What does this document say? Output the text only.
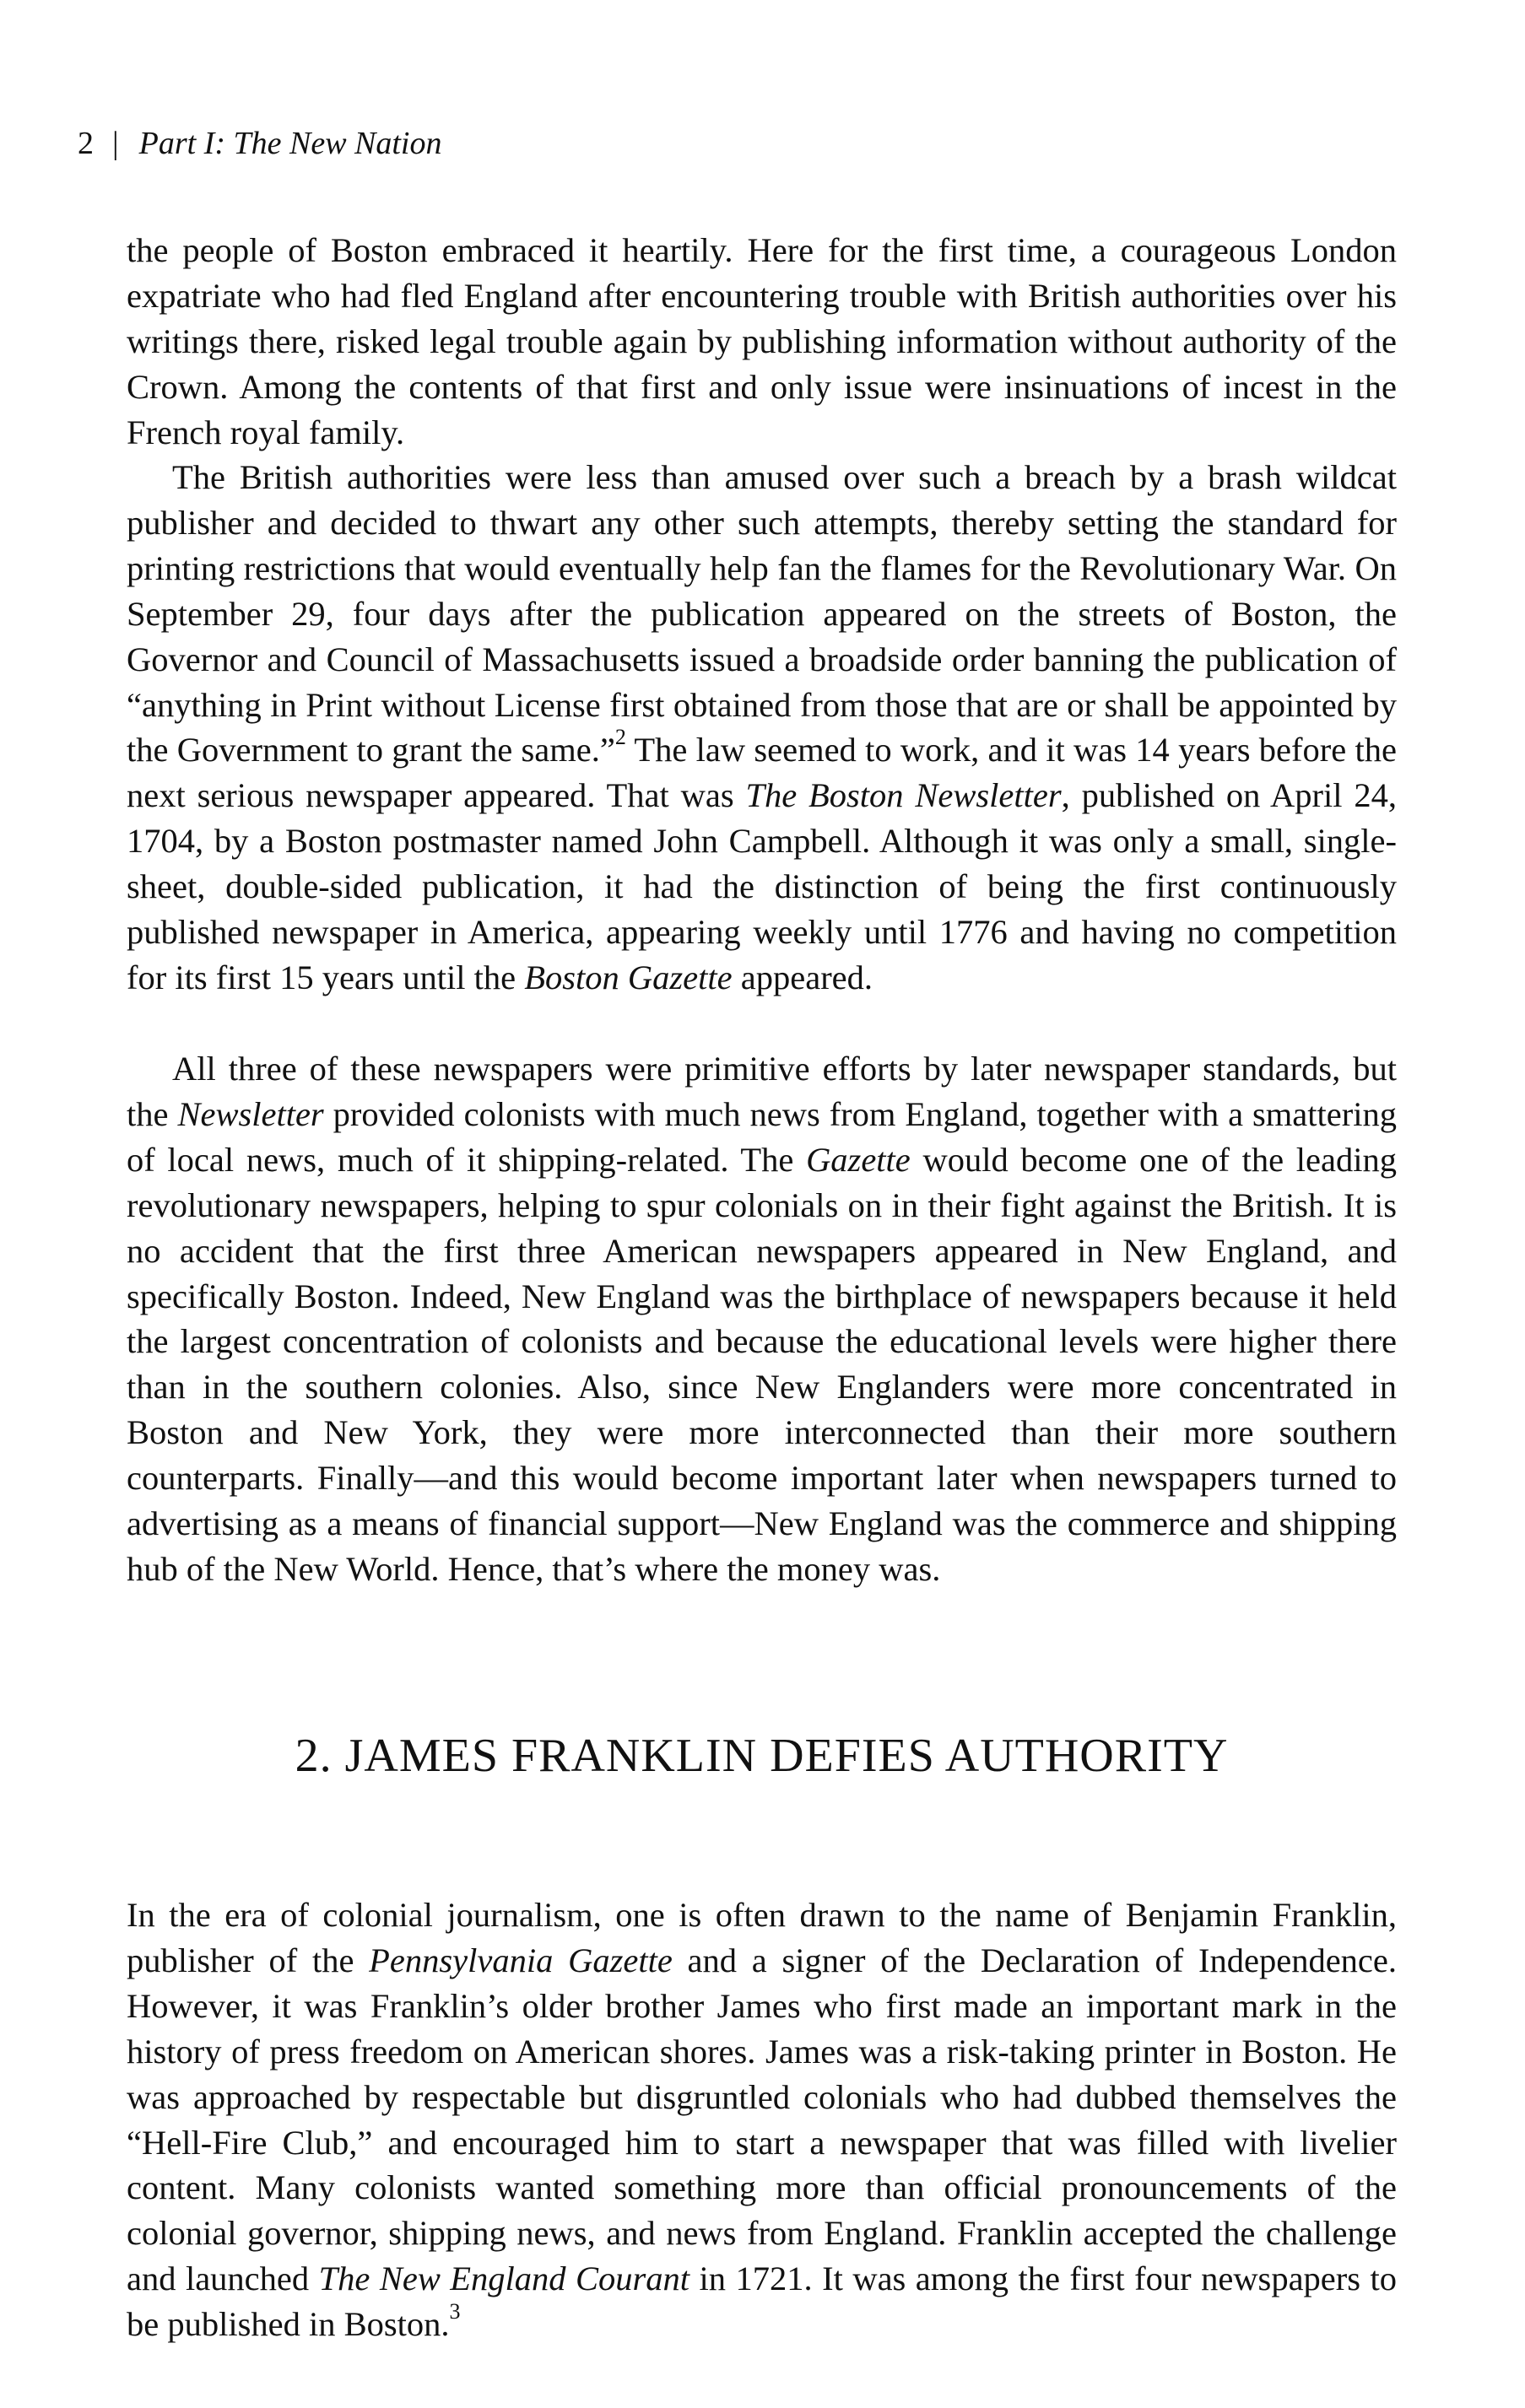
2 | Part I: The New Nation

the people of Boston embraced it heartily. Here for the first time, a courageous London expatriate who had fled England after encountering trouble with British authorities over his writings there, risked legal trouble again by publishing information without authority of the Crown. Among the contents of that first and only issue were insinuations of incest in the French royal family.

The British authorities were less than amused over such a breach by a brash wildcat publisher and decided to thwart any other such attempts, thereby setting the standard for printing restrictions that would eventually help fan the flames for the Revolutionary War. On September 29, four days after the publication appeared on the streets of Boston, the Governor and Council of Massachusetts issued a broadside order banning the publication of “anything in Print without License first obtained from those that are or shall be appointed by the Government to grant the same.”$^2$ The law seemed to work, and it was 14 years before the next serious newspaper appeared. That was The Boston Newsletter, published on April 24, 1704, by a Boston postmaster named John Campbell. Although it was only a small, single-sheet, double-sided publication, it had the distinction of being the first continuously published newspaper in America, appearing weekly until 1776 and having no competition for its first 15 years until the Boston Gazette appeared.

All three of these newspapers were primitive efforts by later newspaper standards, but the Newsletter provided colonists with much news from England, together with a smattering of local news, much of it shipping-related. The Gazette would become one of the leading revolutionary newspapers, helping to spur colonials on in their fight against the British. It is no accident that the first three American newspapers appeared in New England, and specifically Boston. Indeed, New England was the birthplace of newspapers because it held the largest concentration of colonists and because the educational levels were higher there than in the southern colonies. Also, since New Englanders were more concentrated in Boston and New York, they were more interconnected than their more southern counterparts. Finally—and this would become important later when newspapers turned to advertising as a means of financial support—New England was the commerce and shipping hub of the New World. Hence, that’s where the money was.

2. JAMES FRANKLIN DEFIES AUTHORITY

In the era of colonial journalism, one is often drawn to the name of Benjamin Franklin, publisher of the Pennsylvania Gazette and a signer of the Declaration of Independence. However, it was Franklin’s older brother James who first made an important mark in the history of press freedom on American shores. James was a risk-taking printer in Boston. He was approached by respectable but disgruntled colonials who had dubbed themselves the “Hell-Fire Club,” and encouraged him to start a newspaper that was filled with livelier content. Many colonists wanted something more than official pronouncements of the colonial governor, shipping news, and news from England. Franklin accepted the challenge and launched The New England Courant in 1721. It was among the first four newspapers to be published in Boston.$^3$
